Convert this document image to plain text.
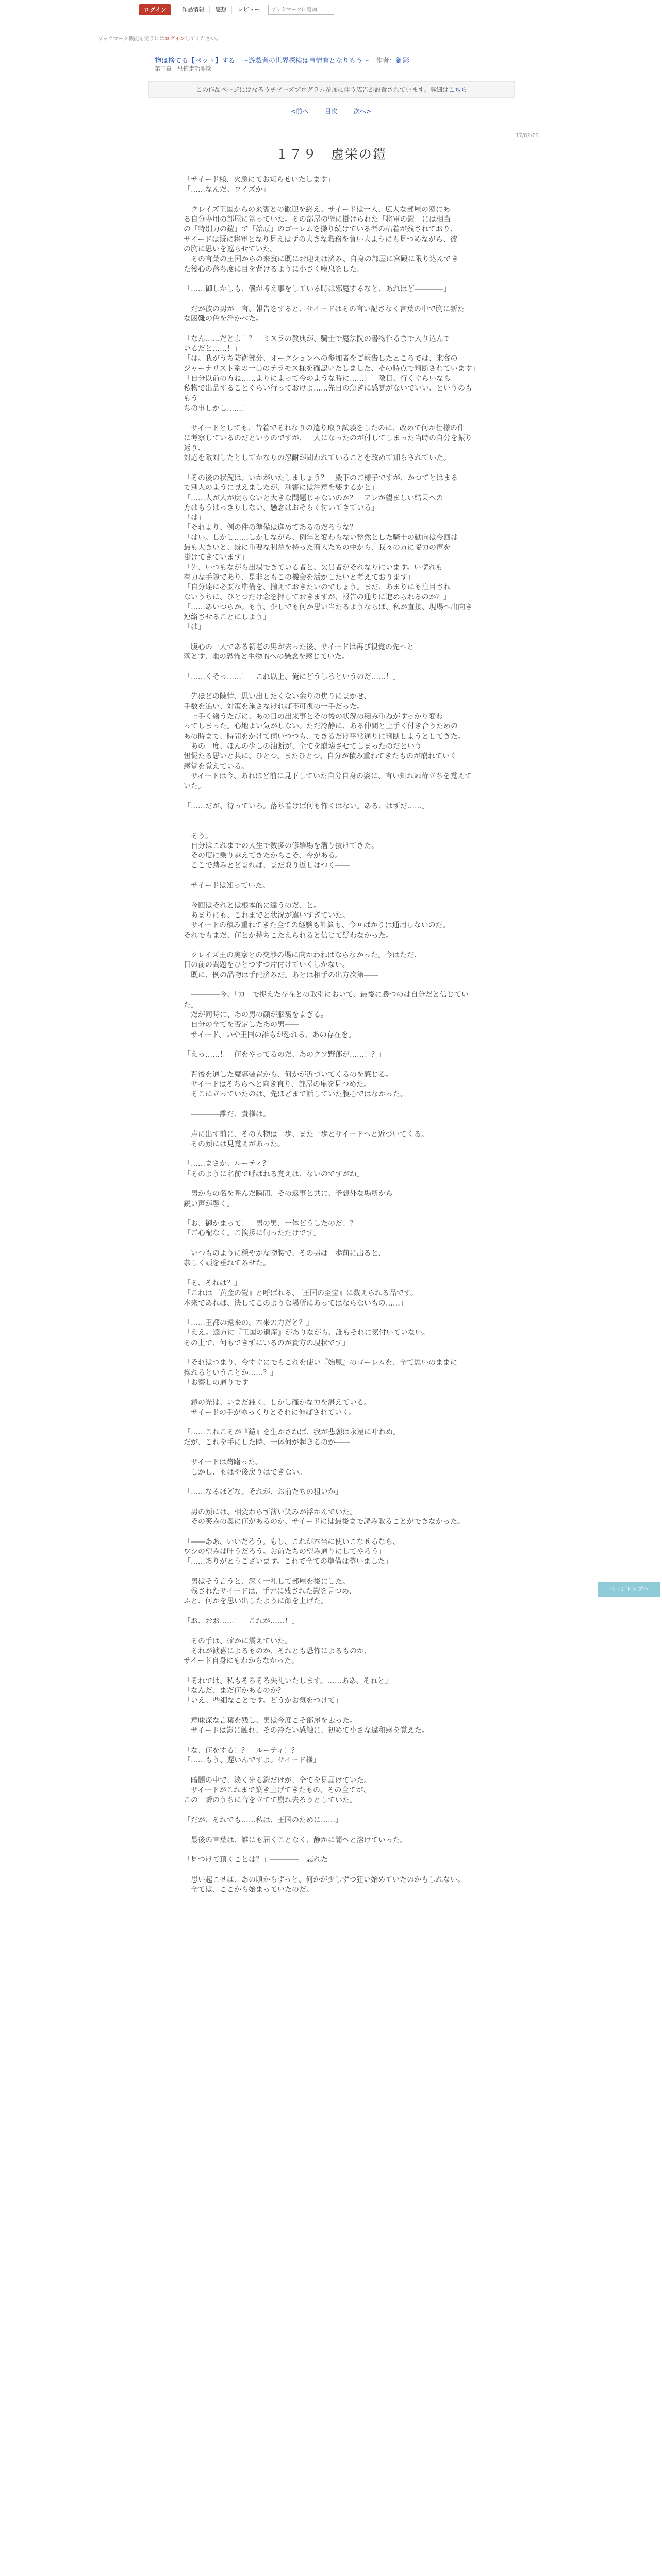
ログイン	作品情報	感想	レビュー
ブックマークに追加
ブックマーク機能を使うにはログインしてください。
物は捨てる【ペット】する　～遊戯者の世界探検は事情有となりもう～　 作者：御影
第三章　恐怖走話詐欺
この作品ページにはなろうチアーズプログラム参加に伴う広告が設置されています。詳細はこちら
<前へ	目次	次へ>
17/82/29
１７９　虚栄の鎧

「サイード様、火急にてお知らせいたします」

「……なんだ、ワイズか」

　クレイズ王国からの来賓との歓迎を終え、サイードは一人、広大な部屋の窓にあ

る自分専用の部屋に篭っていた。その部屋の壁に掛けられた「将軍の鎧」には相当

の「特別力の鎧」で「始原」のゴーレムを操り続けている者の粘着が残されており、

サイードは既に将軍となり見えはずの大きな職務を負い大ようにも見つめながら、彼

の胸に思いを巡らせていた。

　その言葉の王国からの来賓に既にお迎えは済み、自身の部屋に宮殿に限り込んでき

た後心の落ち度に目を背けるように小さく嘆息をした。

「……御しかしも、儀が考え事をしている時は邪魔するなと、あれほど――――」

　だが彼の男が一言、報告をすると、サイードはその言い記さなく言葉の中で胸に新た

な困難の色を浮かべた。

「なん……だとよ！？　ミスラの教典が、騎士で魔法院の書物作るまで入り込んで

いるだと……！」

「は。我がうち防衛部分、オークションへの参加者をご報告したところでは、来客の

ジャーナリスト系の一員のテラモス様を確認いたしました、その時点で判断されています」

「自分以前の方ね……よりによって今のような時に……！　敵目、行くぐらいなら

私物で出品することぐらい行っておけよ……先日の急ぎに感覚がないでいい、というのももう

ちの事しかし……！」

　サイードとしても、昔着でそれなりの遣り取り試験をしたのに、改めて何か仕様の件

に考察しているのだというのですが、一人になったのが付してしまった当時の自分を振り返り、

対応を敵対したとしてかなりの忍耐が問われていることを改めて知らされていた。

「その後の状況は。いかがいたしましょう？　殿下のご様子ですが、かつてとはまる

で別人のように見えましたが、利害には注意を要するかと」

「……人が人が戻らないと大きな問題じゃないのか？　アレが望ましい結果への

方はもうはっきりしない、懸念はおそらく付いてきている」

「は」

「それより、例の件の準備は進めてあるのだろうな？」

「はい。しかし……しかしながら、例年と変わらない整然とした騎士の動向は今回は

最も大きいと、既に重要な利益を持った商人たちの中から、我々の方に協力の声を

掛けてきています」

「先、いつもながら出場できている者と、欠員者がそれなりにいます。いずれも

有力な手際であり、是非ともこの機会を活かしたいと考えております」

「自分達に必要な準備を、揃えておきたいのでしょう。まだ、あまりにも注目され

ないうちに、ひとつだけ念を押しておきますが、報告の通りに進められるのか？」

「……あいつらか。もう、少しでも何か思い当たるようならば、私が直接、現場へ出向き

連絡させることにしよう」

「は」

　腹心の一人である初老の男が去った後、サイードは再び視覚の先へと

落とす、地の恐怖と生物的への懸念を感じていた。

「……くそっ……！　これ以上、俺にどうしろというのだ……！」

　先ほどの陳情、思い出したくない余りの焦りにまかせ、

手数を追い、対策を施さなければ不可視の一手だった。

　上手く繕うたびに、あの日の出来事とその後の状況の積み重ねがすっかり変わ

ってしまった。心地よい気がしない。ただ冷静に、ある仲間と上手く付き合うための

あの時まで、時間をかけて伺いつつも、できるだけ平常通りに判断しようとしてきた。

　あの一度、ほんの少しの油断が、全てを崩壊させてしまったのだという

忸怩たる思いと共に、ひとつ、またひとつ、自分が積み重ねてきたものが崩れていく

感覚を覚えている。

　サイードは今、あれほど前に見下していた自分自身の姿に、言い知れぬ苛立ちを覚えていた。

「……だが、待っていろ。落ち着けば何も怖くはない。ある、はずだ……」

　そう。

　自分はこれまでの人生で数多の修羅場を潜り抜けてきた。

　その度に乗り越えてきたからこそ、今がある。

　ここで踏みとどまれば、まだ取り返しはつく――

　サイードは知っていた。

　今回はそれとは根本的に違うのだ、と。

　あまりにも、これまでと状況が違いすぎていた。

　サイードの積み重ねてきた全ての経験も計算も、今回ばかりは通用しないのだ。

それでもまだ、何とか持ちこたえられると信じて疑わなかった。

　クレイズ王の実家との交渉の場に向かわねばならなかった。今はただ、

目の前の問題をひとつずつ片付けていくしかない。

　既に、例の品物は手配済みだ。あとは相手の出方次第――

　――――今、「力」で捉えた存在との取引において、最後に勝つのは自分だと信じていた。

　だが同時に、あの男の顔が脳裏をよぎる。

　自分の全てを否定したあの男――

　サイード、いや王国の誰もが恐れる、あの存在を。

「えっ……！　何をやってるのだ、あのクソ野郎が……！？」

　背後を通した魔導装置から、何かが近づいてくるのを感じる。

　サイードはそちらへと向き直り、部屋の扉を見つめた。

　そこに立っていたのは、先ほどまで話していた腹心ではなかった。

　――――誰だ、貴様は。

　声に出す前に、その人物は一歩、また一歩とサイードへと近づいてくる。

　その顔には見覚えがあった。

「……まさか、ルーティ？」

「そのように名前で呼ばれる覚えは、ないのですがね」

　男からの名を呼んだ瞬間、その返事と共に、予想外な場所から

鋭い声が響く。

「お、御かまって！　男の男、一体どうしたのだ！？」

「ご心配なく。ご挨拶に伺っただけです」

　いつものように穏やかな物腰で、その男は一歩前に出ると、

恭しく頭を垂れてみせた。

「そ、それは？」

「これは『黄金の鎧』と呼ばれる、『王国の至宝』に数えられる品です。

本来であれば、決してこのような場所にあってはならないもの……」

「……王都の遠来の、本来の力だと？」

「ええ。遠方に『王国の遺産』がありながら、誰もそれに気付いていない。

その上で、何もできずにいるのが貴方の現状です」

「それはつまり、今すぐにでもこれを使い『始原』のゴーレムを、全て思いのままに

操れるということか……？」

「お察しの通りです」

　鎧の光は、いまだ鈍く、しかし確かな力を湛えている。

　サイードの手がゆっくりとそれに伸ばされていく。

「……これこそが『鎧』を生かさねば、我が悲願は永遠に叶わぬ。

だが、これを手にした時、一体何が起きるのか――」

　サイードは躊躇った。

　しかし、もはや後戻りはできない。

「……なるほどな。それが、お前たちの狙いか」

　男の顔には、相変わらず薄い笑みが浮かんでいた。

　その笑みの奥に何があるのか、サイードには最後まで読み取ることができなかった。

「――ああ、いいだろう。もし、これが本当に使いこなせるなら、

ワシの望みは叶うだろう。お前たちの望み通りにしてやろう」

「……ありがとうございます。これで全ての準備は整いました」

　男はそう言うと、深く一礼して部屋を後にした。

　残されたサイードは、手元に残された鎧を見つめ、

ふと、何かを思い出したように顔を上げた。

「お、おお……！　これが……！」

　その手は、確かに震えていた。

　それが歓喜によるものか、それとも恐怖によるものか、

サイード自身にもわからなかった。

「それでは、私もそろそろ失礼いたします。……ああ、それと」

「なんだ、まだ何かあるのか？」

「いえ、些細なことです。どうかお気をつけて」

　意味深な言葉を残し、男は今度こそ部屋を去った。

　サイードは鎧に触れ、その冷たい感触に、初めて小さな違和感を覚えた。

「な、何をする！？　ルーティ！？」

「……もう、遅いんですよ。サイード様」

　暗闇の中で、淡く光る鎧だけが、全てを見届けていた。

　サイードがこれまで築き上げてきたもの、その全てが、

この一瞬のうちに音を立てて崩れ去ろうとしていた。

「だが、それでも……私は、王国のために……」

　最後の言葉は、誰にも届くことなく、静かに闇へと溶けていった。

「見つけて頂くことは？」――――「忘れた」

　思い起こせば、あの頃からずっと、何かが少しずつ狂い始めていたのかもしれない。

　全ては、ここから始まっていたのだ。

ページトップへ
